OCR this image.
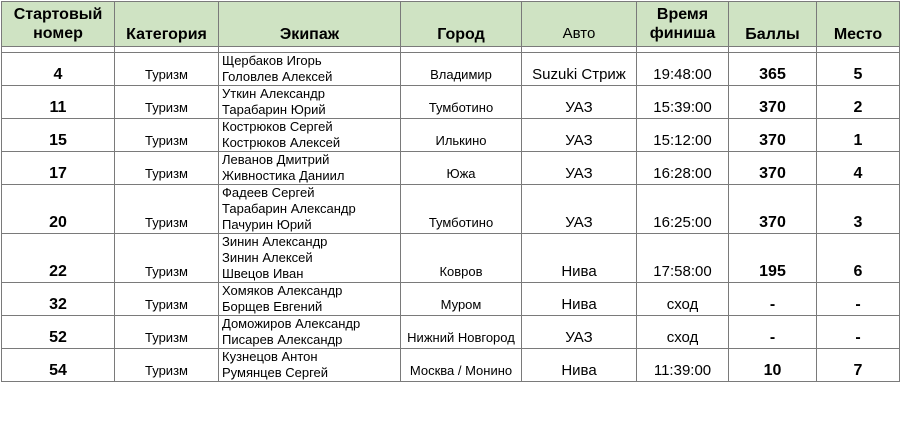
Стартовый номер	Категория	Экипаж	Город	Авто	Время финиша	Баллы	Место

4	Туризм	Щербаков Игорь
Головлев Алексей	Владимир	Suzuki Стриж	19:48:00	365	5
11	Туризм	Уткин Александр
Тарабарин Юрий	Тумботино	УАЗ	15:39:00	370	2
15	Туризм	Кострюков Сергей
Кострюков Алексей	Илькино	УАЗ	15:12:00	370	1
17	Туризм	Леванов Дмитрий
Живностика Даниил	Южа	УАЗ	16:28:00	370	4
20	Туризм	Фадеев Сергей
Тарабарин Александр
Пачурин Юрий	Тумботино	УАЗ	16:25:00	370	3
22	Туризм	Зинин Александр
Зинин Алексей
Швецов Иван	Ковров	Нива	17:58:00	195	6
32	Туризм	Хомяков Александр
Борщев Евгений	Муром	Нива	сход	-	-
52	Туризм	Доможиров Александр
Писарев Александр	Нижний Новгород	УАЗ	сход	-	-
54	Туризм	Кузнецов Антон
Румянцев Сергей	Москва / Монино	Нива	11:39:00	10	7
